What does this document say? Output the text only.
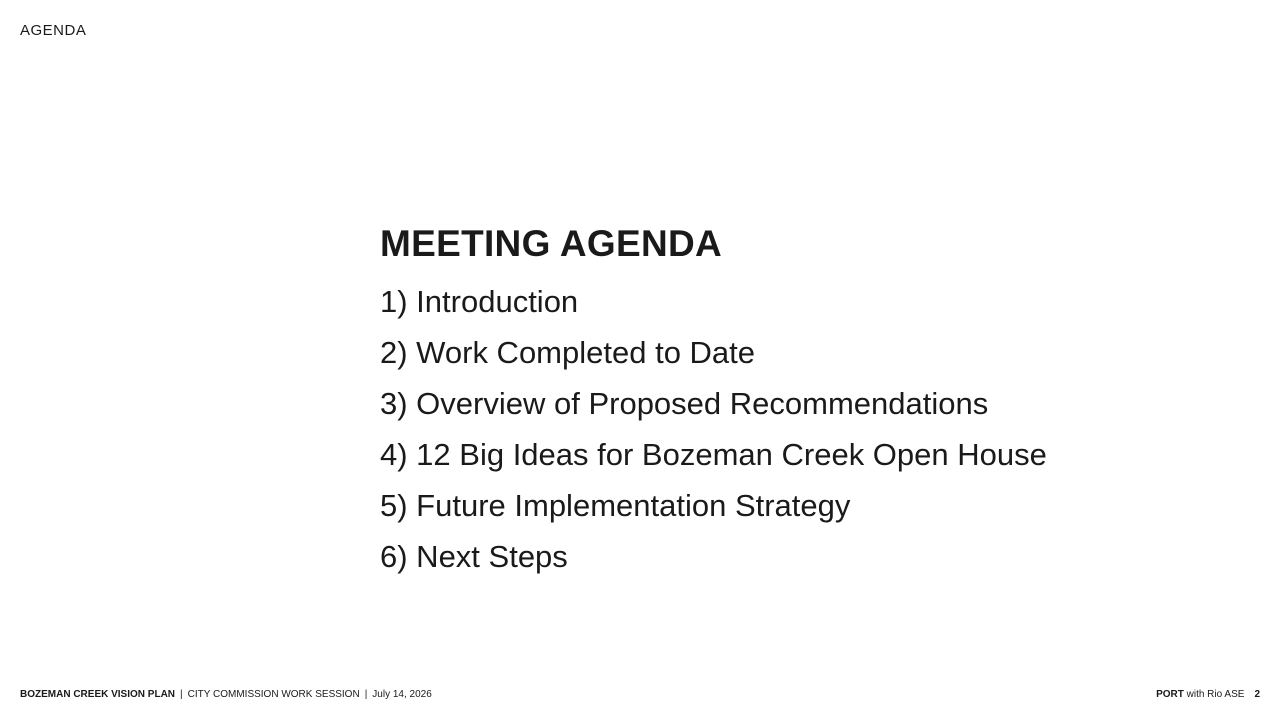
AGENDA
MEETING AGENDA
1) Introduction
2) Work Completed to Date
3) Overview of Proposed Recommendations
4) 12 Big Ideas for Bozeman Creek Open House
5) Future Implementation Strategy
6) Next Steps
BOZEMAN CREEK VISION PLAN | CITY COMMISSION WORK SESSION | July 14, 2026	PORT with Rio ASE 2
